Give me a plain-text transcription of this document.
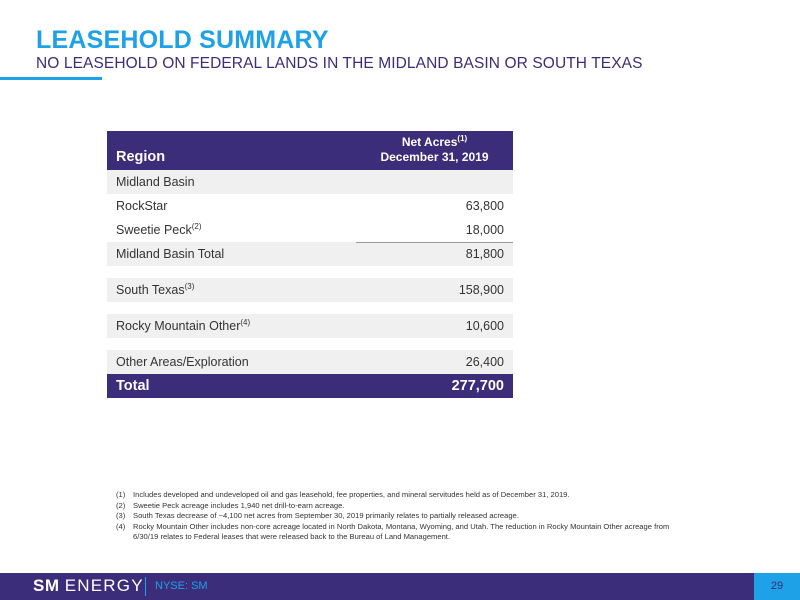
LEASEHOLD SUMMARY
NO LEASEHOLD ON FEDERAL LANDS IN THE MIDLAND BASIN OR SOUTH TEXAS
Region	Net Acres$^{(1)}$
December 31, 2019
Midland Basin	
RockStar	63,800
Sweetie Peck$^{(2)}$	18,000
Midland Basin Total	81,800

South Texas$^{(3)}$	158,900

Rocky Mountain Other$^{(4)}$	10,600

Other Areas/Exploration	26,400
Total	277,700
(1)	Includes developed and undeveloped oil and gas leasehold, fee properties, and mineral servitudes held as of December 31, 2019.
(2)	Sweetie Peck acreage includes 1,940 net drill-to-earn acreage.
(3)	South Texas decrease of ~4,100 net acres from September 30, 2019 primarily relates to partially released acreage.
(4)	Rocky Mountain Other includes non-core acreage located in North Dakota, Montana, Wyoming, and Utah. The reduction in Rocky Mountain Other acreage from 6/30/19 relates to Federal leases that were released back to the Bureau of Land Management.
SM ENERGY NYSE: SM	29
